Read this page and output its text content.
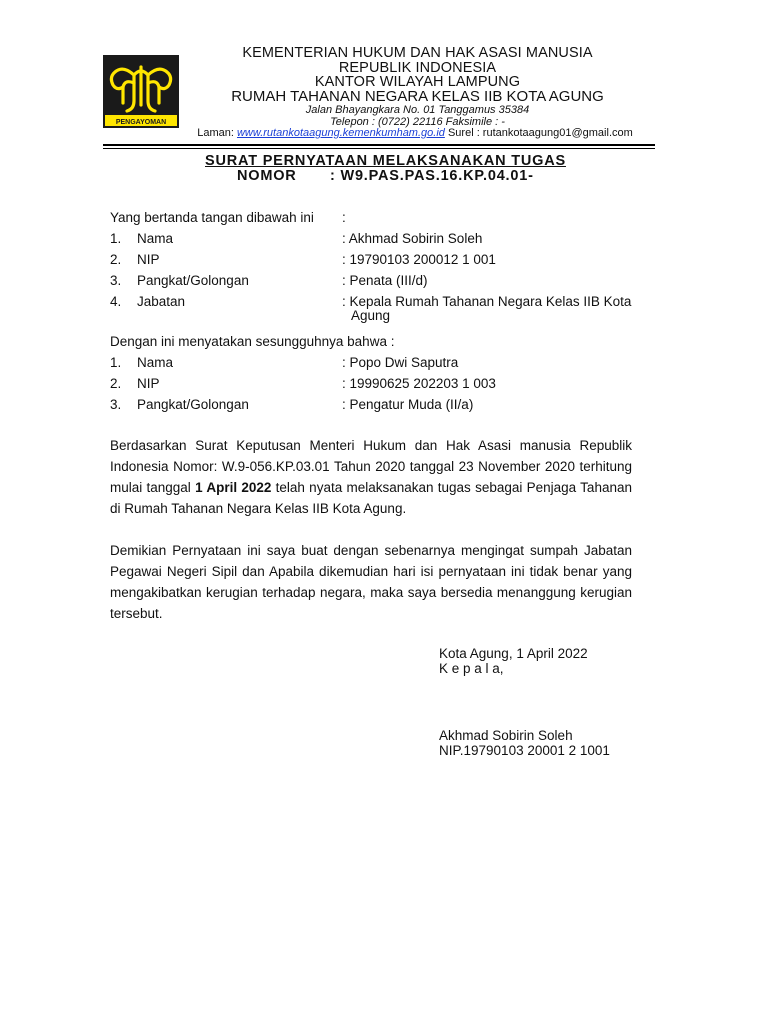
PENGAYOMAN
KEMENTERIAN HUKUM DAN HAK ASASI MANUSIA
REPUBLIK INDONESIA
KANTOR WILAYAH LAMPUNG
RUMAH TAHANAN NEGARA KELAS IIB KOTA AGUNG
Jalan Bhayangkara No. 01 Tanggamus 35384
Telepon : (0722) 22116 Faksimile : -
Laman: www.rutankotaagung.kemenkumham.go.id Surel : rutankotaagung01@gmail.com
SURAT PERNYATAAN MELAKSANAKAN TUGAS
NOMOR : W9.PAS.PAS.16.KP.04.01-
Yang bertanda tangan dibawah ini :
1. Nama	: Akhmad Sobirin Soleh
2. NIP	: 19790103 200012 1 001
3. Pangkat/Golongan	: Penata (III/d)
4. Jabatan	: Kepala Rumah Tahanan Negara Kelas IIB Kota
Agung
Dengan ini menyatakan sesungguhnya bahwa :
1. Nama	: Popo Dwi Saputra
2. NIP	: 19990625 202203 1 003
3. Pangkat/Golongan	: Pengatur Muda (II/a)
Berdasarkan Surat Keputusan Menteri Hukum dan Hak Asasi manusia Republik Indonesia Nomor: W.9-056.KP.03.01 Tahun 2020 tanggal 23 November 2020 terhitung mulai tanggal 1 April 2022 telah nyata melaksanakan tugas sebagai Penjaga Tahanan di Rumah Tahanan Negara Kelas IIB Kota Agung.
Demikian Pernyataan ini saya buat dengan sebenarnya mengingat sumpah Jabatan Pegawai Negeri Sipil dan Apabila dikemudian hari isi pernyataan ini tidak benar yang mengakibatkan kerugian terhadap negara, maka saya bersedia menanggung kerugian tersebut.
Kota Agung, 1 April 2022
K e p a l a,
Akhmad Sobirin Soleh
NIP.19790103 20001 2 1001
